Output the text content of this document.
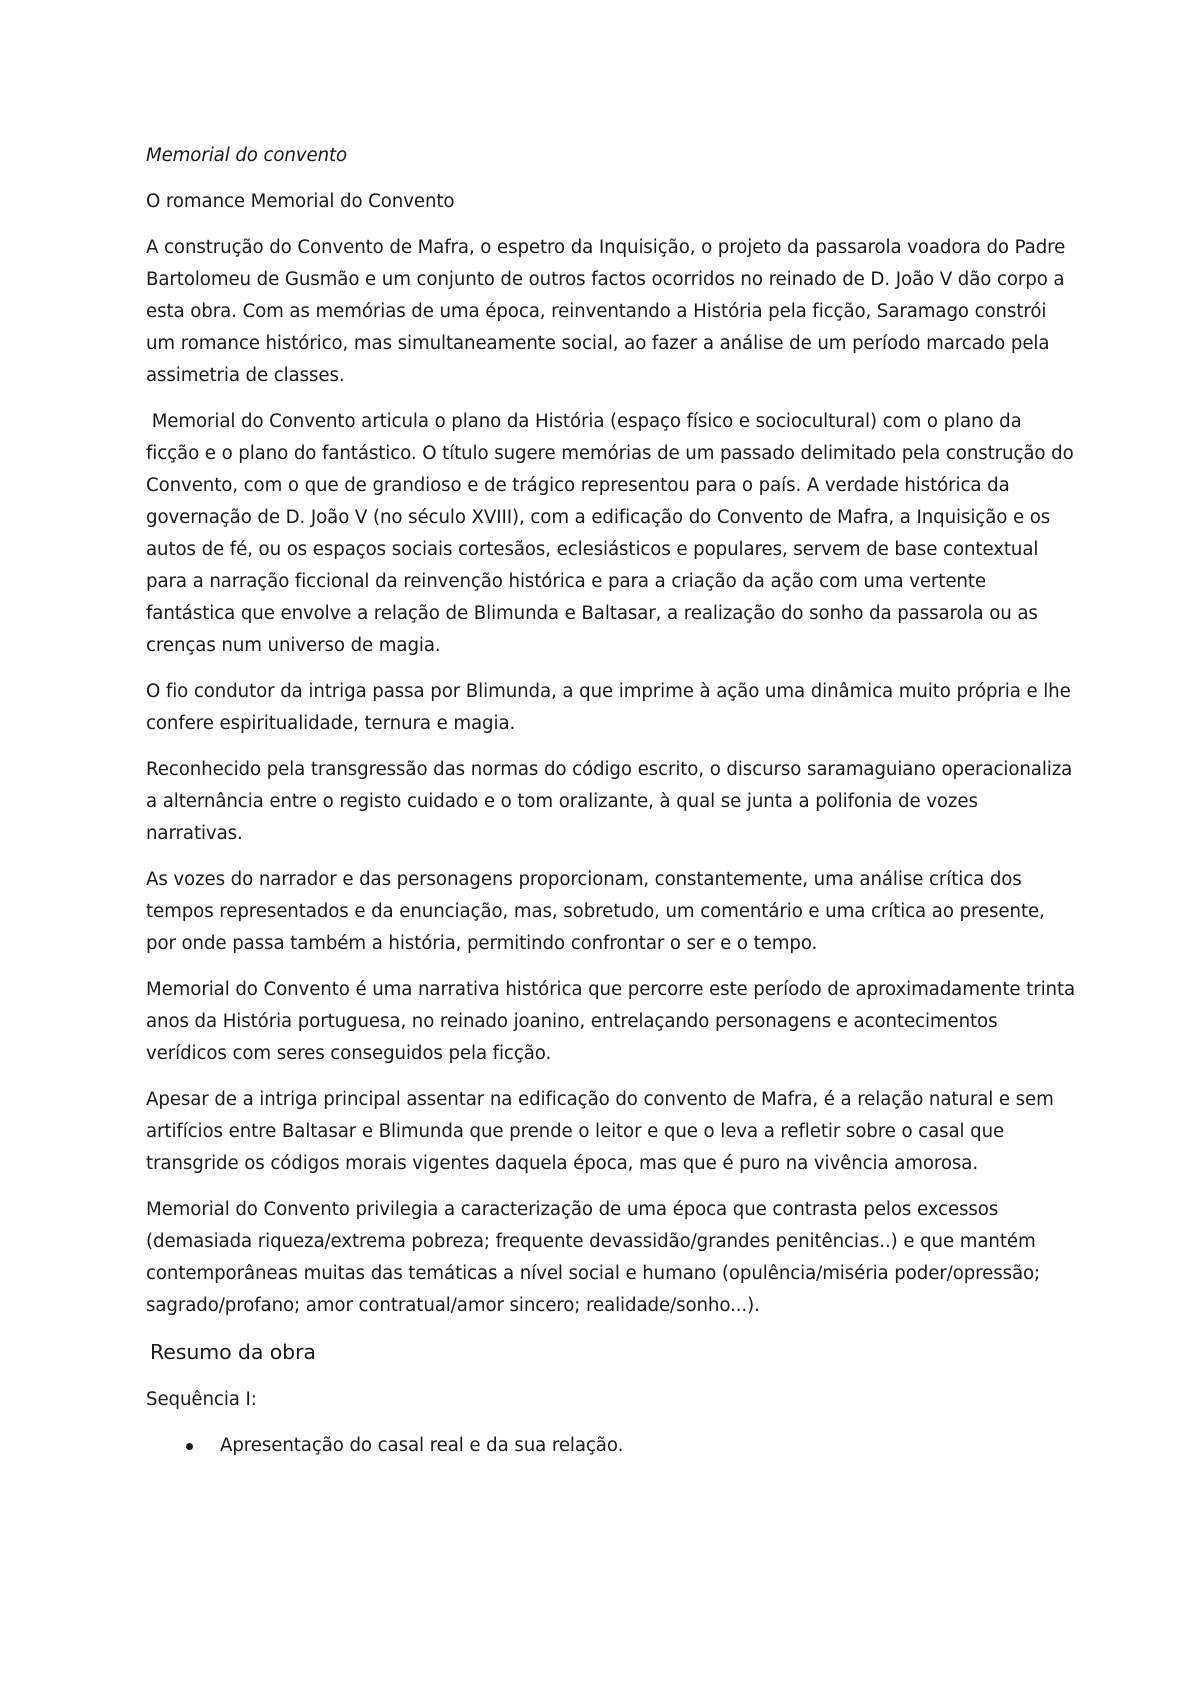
Memorial do convento
O romance Memorial do Convento

A construção do Convento de Mafra, o espetro da Inquisição, o projeto da passarola voadora do Padre Bartolomeu de Gusmão e um conjunto de outros factos ocorridos no reinado de D. João V dão corpo a esta obra. Com as memórias de uma época, reinventando a História pela ficção, Saramago constrói um romance histórico, mas simultaneamente social, ao fazer a análise de um período marcado pela assimetria de classes.

Memorial do Convento articula o plano da História (espaço físico e sociocultural) com o plano da ficção e o plano do fantástico. O título sugere memórias de um passado delimitado pela construção do Convento, com o que de grandioso e de trágico representou para o país. A verdade histórica da governação de D. João V (no século XVIII), com a edificação do Convento de Mafra, a Inquisição e os autos de fé, ou os espaços sociais cortesãos, eclesiásticos e populares, servem de base contextual para a narração ficcional da reinvenção histórica e para a criação da ação com uma vertente fantástica que envolve a relação de Blimunda e Baltasar, a realização do sonho da passarola ou as crenças num universo de magia.

O fio condutor da intriga passa por Blimunda, a que imprime à ação uma dinâmica muito própria e lhe confere espiritualidade, ternura e magia.

Reconhecido pela transgressão das normas do código escrito, o discurso saramaguiano operacionaliza a alternância entre o registo cuidado e o tom oralizante, à qual se junta a polifonia de vozes narrativas.

As vozes do narrador e das personagens proporcionam, constantemente, uma análise crítica dos tempos representados e da enunciação, mas, sobretudo, um comentário e uma crítica ao presente, por onde passa também a história, permitindo confrontar o ser e o tempo.

Memorial do Convento é uma narrativa histórica que percorre este período de aproximadamente trinta anos da História portuguesa, no reinado joanino, entrelaçando personagens e acontecimentos verídicos com seres conseguidos pela ficção.

Apesar de a intriga principal assentar na edificação do convento de Mafra, é a relação natural e sem artifícios entre Baltasar e Blimunda que prende o leitor e que o leva a refletir sobre o casal que transgride os códigos morais vigentes daquela época, mas que é puro na vivência amorosa.

Memorial do Convento privilegia a caracterização de uma época que contrasta pelos excessos (demasiada riqueza/extrema pobreza; frequente devassidão/grandes penitências..) e que mantém contemporâneas muitas das temáticas a nível social e humano (opulência/miséria poder/opressão; sagrado/profano; amor contratual/amor sincero; realidade/sonho...).

Resumo da obra
Sequência I:
Apresentação do casal real e da sua relação.
